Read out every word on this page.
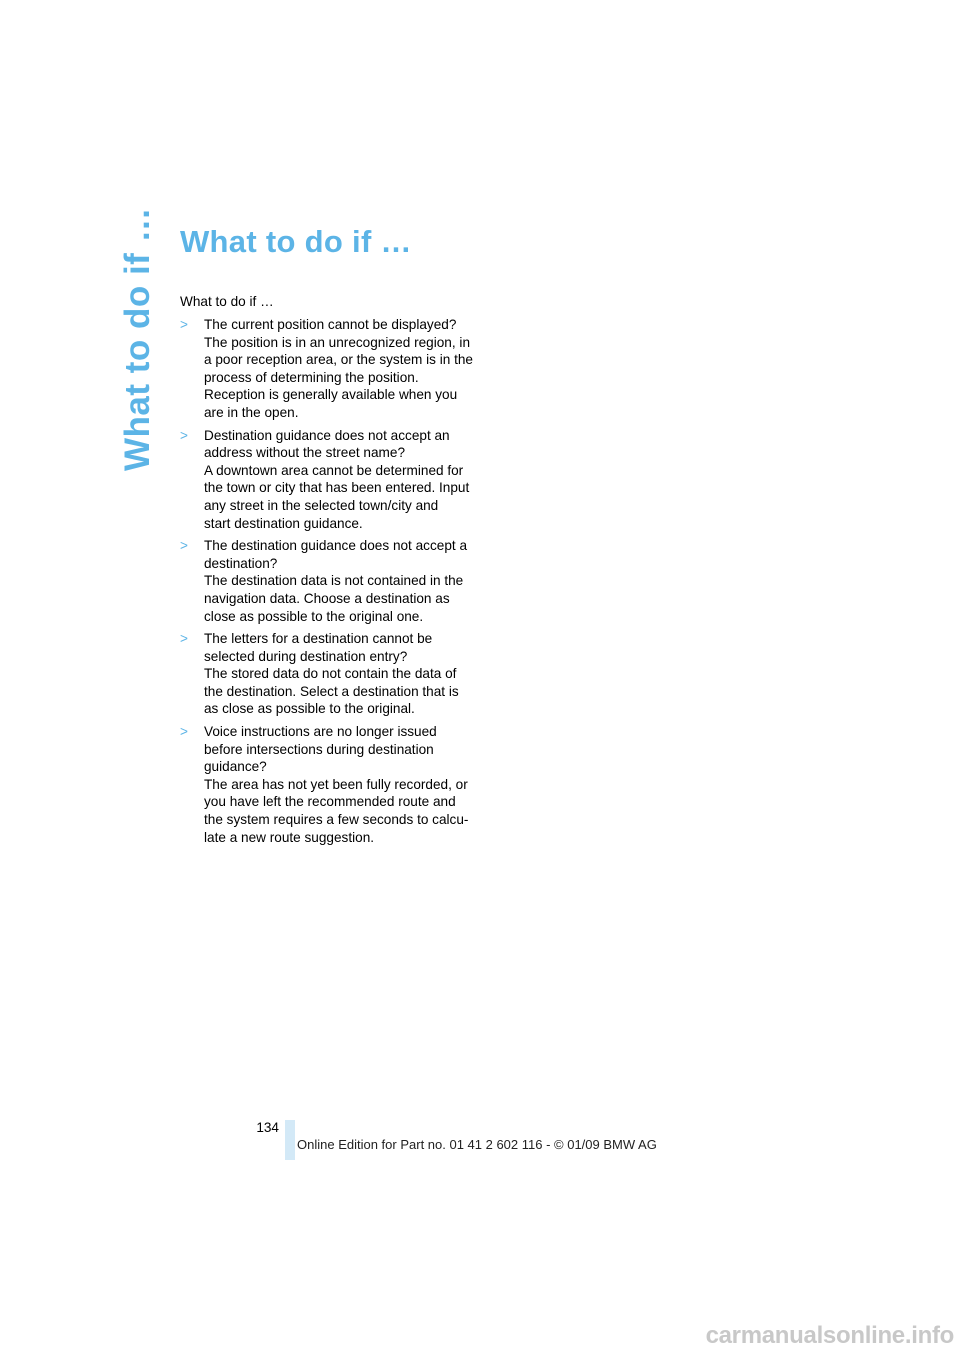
What to do if … What to do if …

What to do if …

>	The current position cannot be displayed?

The position is in an unrecognized region, in
a poor reception area, or the system is in the
process of determining the position.
Reception is generally available when you
are in the open.

>	Destination guidance does not accept an
address without the street name?

A downtown area cannot be determined for
the town or city that has been entered. Input
any street in the selected town/city and
start destination guidance.

>	The destination guidance does not accept a
destination?

The destination data is not contained in the
navigation data. Choose a destination as
close as possible to the original one.

>	The letters for a destination cannot be
selected during destination entry?

The stored data do not contain the data of
the destination. Select a destination that is
as close as possible to the original.

>	Voice instructions are no longer issued
before intersections during destination
guidance?

The area has not yet been fully recorded, or
you have left the recommended route and
the system requires a few seconds to calcu-
late a new route suggestion.

134
Online Edition for Part no. 01 41 2 602 116 - © 01/09 BMW AG
carmanualsonline.info
